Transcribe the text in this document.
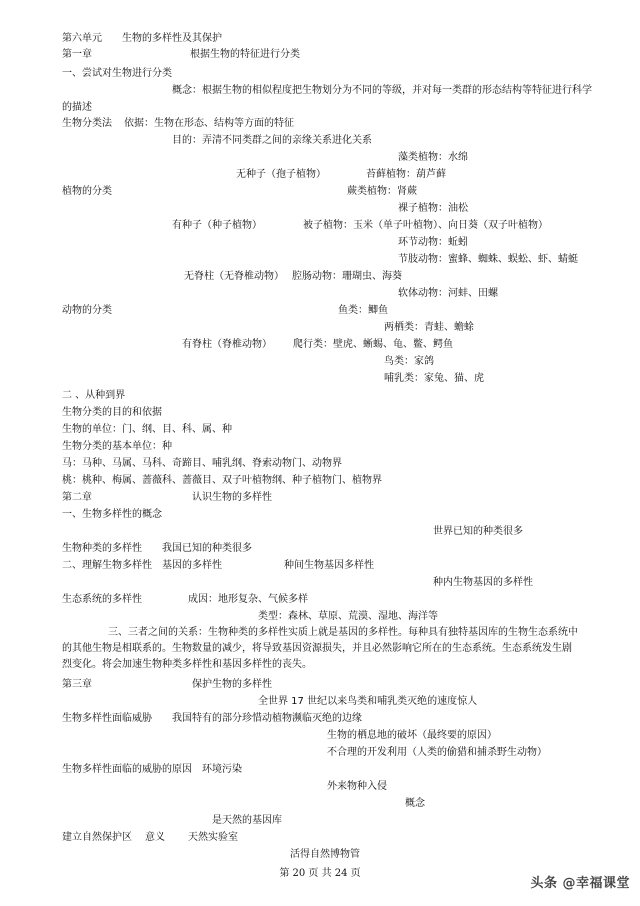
第六单元　　生物的多样性及其保护
第一章	根据生物的特征进行分类
一、尝试对生物进行分类
概念：根据生物的相似程度把生物划分为不同的等级，并对每一类群的形态结构等特征进行科学
的描述
生物分类法 依据：生物在形态、结构等方面的特征
目的：弄清不同类群之间的亲缘关系进化关系
藻类植物：水绵
无种子（孢子植物）	苔藓植物：葫芦藓
植物的分类	蕨类植物：肾蕨
裸子植物：油松
有种子（种子植物）	被子植物：玉米（单子叶植物）、向日葵（双子叶植物）
环节动物：蚯蚓
节肢动物：蜜蜂、蜘蛛、蜈蚣、虾、蜻蜓
无脊柱（无脊椎动物） 腔肠动物：珊瑚虫、海葵
软体动物：河蚌、田螺
动物的分类	鱼类：鲫鱼
两栖类：青蛙、蟾蜍
有脊柱（脊椎动物） 爬行类：壁虎、蜥蜴、龟、鳖、鳄鱼
鸟类：家鸽
哺乳类：家兔、猫、虎
二 、从种到界
生物分类的目的和依据
生物的单位：门、纲、目、科、属、种
生物分类的基本单位：种
马：马种、马属、马科、奇蹄目、哺乳纲、脊索动物门、动物界
桃：桃种、梅属、蔷薇科、蔷薇目、双子叶植物纲、种子植物门、植物界
第二章	认识生物的多样性
一、生物多样性的概念
世界已知的种类很多
生物种类的多样性 我国已知的种类很多
二、理解生物多样性 基因的多样性	种间生物基因多样性
种内生物基因的多样性
生态系统的多样性	成因：地形复杂、气候多样
类型：森林、草原、荒漠、湿地、海洋等
三、三者之间的关系：生物种类的多样性实质上就是基因的多样性。每种具有独特基因库的生物生态系统中的其他生物是相联系的。生物数量的减少，将导致基因资源损失，并且必然影响它所在的生态系统。生态系统发生剧烈变化。将会加速生物种类多样性和基因多样性的丧失。
第三章	保护生物的多样性
全世界 17 世纪以来鸟类和哺乳类灭绝的速度惊人
生物多样性面临威胁 我国特有的部分珍惜动植物濒临灭绝的边缘
生物的栖息地的破坏（最终要的原因）
不合理的开发利用（人类的偷猎和捕杀野生动物）
生物多样性面临的威胁的原因 环境污染
外来物种入侵
概念
是天然的基因库
建立自然保护区 意义 天然实验室
活得自然博物管
第 20 页 共 24 页
头条 @幸福课堂
